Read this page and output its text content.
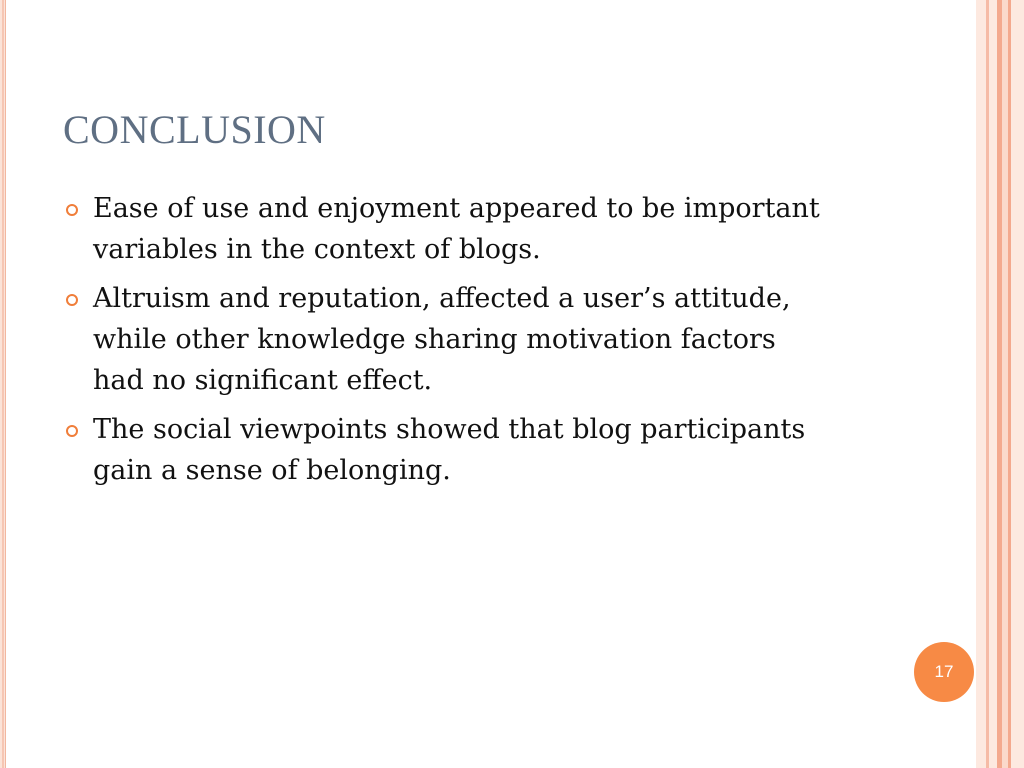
CONCLUSION
Ease of use and enjoyment appeared to be important variables in the context of blogs.
Altruism and reputation, affected a user’s attitude, while other knowledge sharing motivation factors had no significant effect.
The social viewpoints showed that blog participants gain a sense of belonging.
17
